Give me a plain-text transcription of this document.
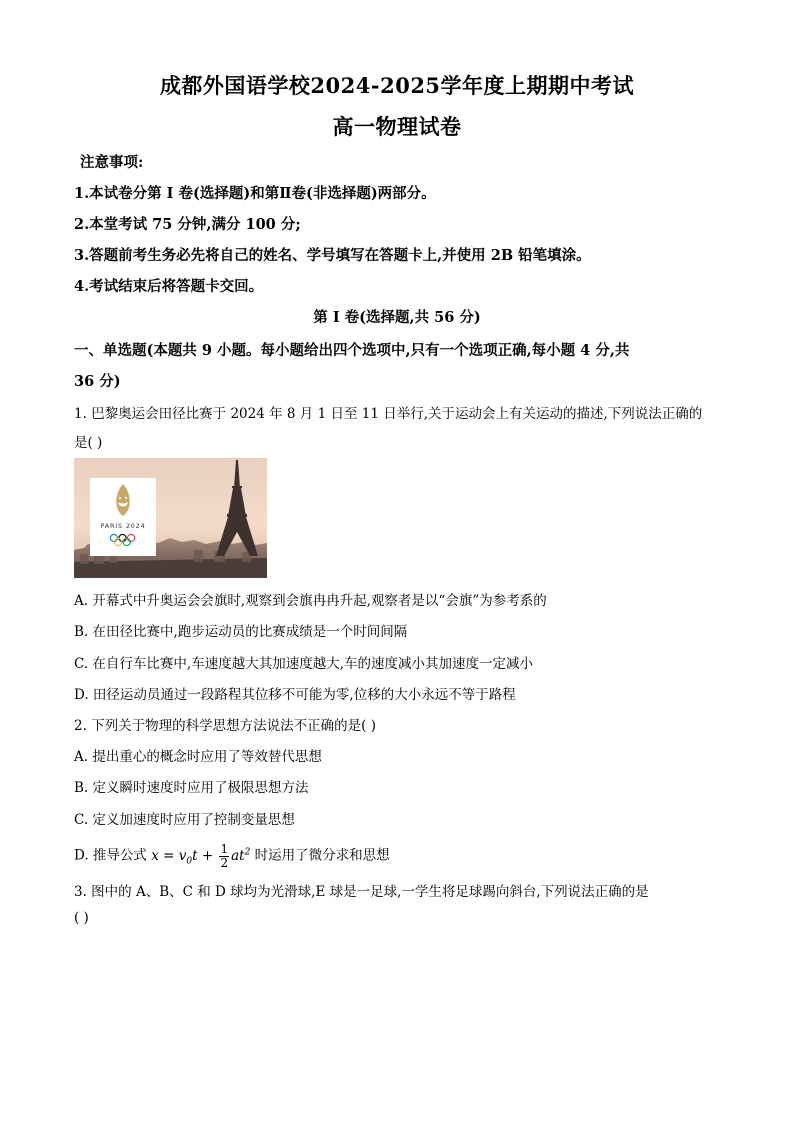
成都外国语学校2024-2025学年度上期期中考试
高一物理试卷
注意事项:
1.本试卷分第 I 卷(选择题)和第Ⅱ卷(非选择题)两部分。
2.本堂考试 75 分钟,满分 100 分;
3.答题前考生务必先将自己的姓名、学号填写在答题卡上,并使用 2B 铅笔填涂。
4.考试结束后将答题卡交回。
第 I 卷(选择题,共 56 分)
一、单选题(本题共 9 小题。每小题给出四个选项中,只有一个选项正确,每小题 4 分,共
36 分)
1. 巴黎奥运会田径比赛于 2024 年 8 月 1 日至 11 日举行,关于运动会上有关运动的描述,下列说法正确的
是( )
PARIS 2024
A. 开幕式中升奥运会会旗时,观察到会旗冉冉升起,观察者是以“会旗”为参考系的
B. 在田径比赛中,跑步运动员的比赛成绩是一个时间间隔
C. 在自行车比赛中,车速度越大其加速度越大,车的速度减小其加速度一定减小
D. 田径运动员通过一段路程其位移不可能为零,位移的大小永远不等于路程
2. 下列关于物理的科学思想方法说法不正确的是( )
A. 提出重心的概念时应用了等效替代思想
B. 定义瞬时速度时应用了极限思想方法
C. 定义加速度时应用了控制变量思想
D. 推导公式 $x = v_0t + \frac{1}{2} at^2$ 时运用了微分求和思想
3. 图中的 A、B、C 和 D 球均为光滑球,E 球是一足球,一学生将足球踢向斜台,下列说法正确的是
( )
